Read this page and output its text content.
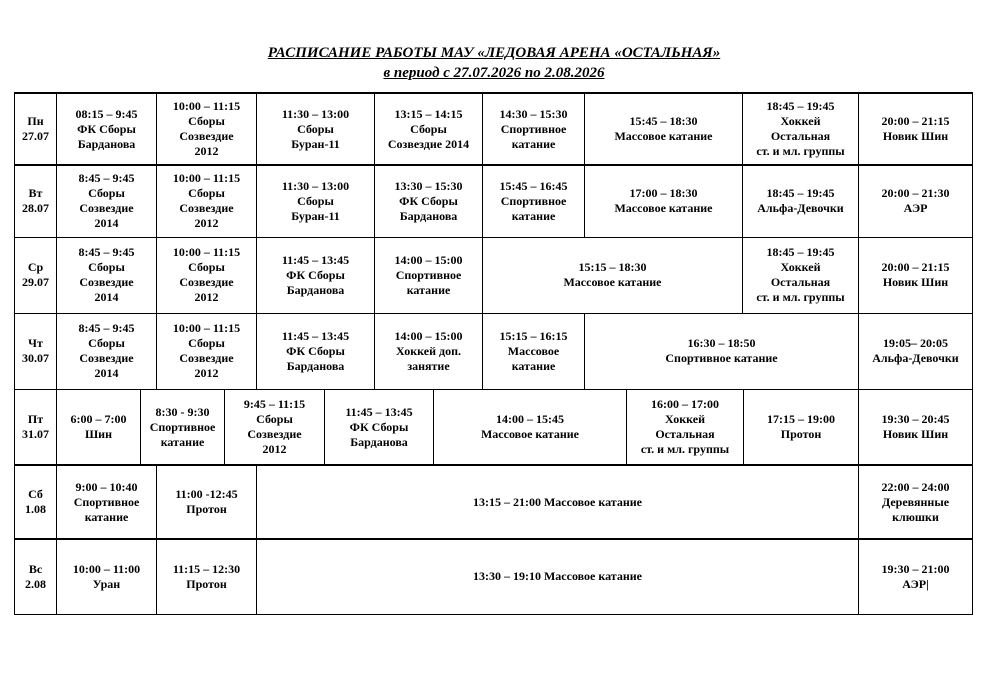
РАСПИСАНИЕ РАБОТЫ МАУ «ЛЕДОВАЯ АРЕНА «ОСТАЛЬНАЯ»
в период с 27.07.2026 по 2.08.2026
Пн
27.07
08:15 – 9:45
ФК Сборы
Барданова
10:00 – 11:15
Сборы
Созвездие
2012
11:30 – 13:00
Сборы
Буран-11
13:15 – 14:15
Сборы
Созвездие 2014
14:30 – 15:30
Спортивное
катание
15:45 – 18:30
Массовое катание
18:45 – 19:45
Хоккей
Остальная
ст. и мл. группы
20:00 – 21:15
Новик Шин
Вт
28.07
8:45 – 9:45
Сборы
Созвездие
2014
10:00 – 11:15
Сборы
Созвездие
2012
11:30 – 13:00
Сборы
Буран-11
13:30 – 15:30
ФК Сборы
Барданова
15:45 – 16:45
Спортивное
катание
17:00 – 18:30
Массовое катание
18:45 – 19:45
Альфа-Девочки
20:00 – 21:30
АЭР
Ср
29.07
8:45 – 9:45
Сборы
Созвездие
2014
10:00 – 11:15
Сборы
Созвездие
2012
11:45 – 13:45
ФК Сборы
Барданова
14:00 – 15:00
Спортивное
катание
15:15 – 18:30
Массовое катание
18:45 – 19:45
Хоккей
Остальная
ст. и мл. группы
20:00 – 21:15
Новик Шин
Чт
30.07
8:45 – 9:45
Сборы
Созвездие
2014
10:00 – 11:15
Сборы
Созвездие
2012
11:45 – 13:45
ФК Сборы
Барданова
14:00 – 15:00
Хоккей доп.
занятие
15:15 – 16:15
Массовое
катание
16:30 – 18:50
Спортивное катание
19:05– 20:05
Альфа-Девочки
Пт
31.07
6:00 – 7:00
Шин
8:30 - 9:30
Спортивное
катание
9:45 – 11:15
Сборы
Созвездие
2012
11:45 – 13:45
ФК Сборы
Барданова
14:00 – 15:45
Массовое катание
16:00 – 17:00
Хоккей
Остальная
ст. и мл. группы
17:15 – 19:00
Протон
19:30 – 20:45
Новик Шин
Сб
1.08
9:00 – 10:40
Спортивное
катание
11:00 -12:45
Протон
13:15 – 21:00 Массовое катание
22:00 – 24:00
Деревянные
клюшки
Вс
2.08
10:00 – 11:00
Уран
11:15 – 12:30
Протон
13:30 – 19:10 Массовое катание
19:30 – 21:00
АЭР|
